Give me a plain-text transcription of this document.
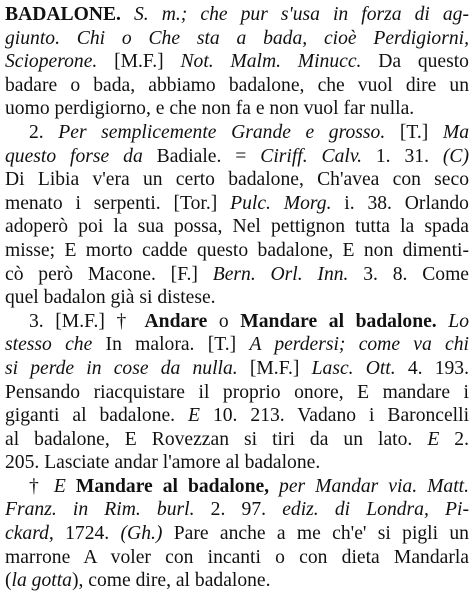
BADALONE. S. m.; che pur s'usa in forza di ag-
giunto. Chi o Che sta a bada, cioè Perdigiorni,
Scioperone. [M.F.] Not. Malm. Minucc. Da questo
badare o bada, abbiamo badalone, che vuol dire un
uomo perdigiorno, e che non fa e non vuol far nulla.
2. Per semplicemente Grande e grosso. [T.] Ma
questo forse da Badiale. = Ciriff. Calv. 1. 31. (C)
Di Libia v'era un certo badalone, Ch'avea con seco
menato i serpenti. [Tor.] Pulc. Morg. i. 38. Orlando
adoperò poi la sua possa, Nel pettignon tutta la spada
misse; E morto cadde questo badalone, E non dimenti-
cò però Macone. [F.] Bern. Orl. Inn. 3. 8. Come
quel badalon già si distese.
3. [M.F.] † Andare o Mandare al badalone. Lo
stesso che In malora. [T.] A perdersi; come va chi
si perde in cose da nulla. [M.F.] Lasc. Ott. 4. 193.
Pensando riacquistare il proprio onore, E mandare i
giganti al badalone. E 10. 213. Vadano i Baroncelli
al badalone, E Rovezzan si tiri da un lato. E 2.
205. Lasciate andar l'amore al badalone.
† E Mandare al badalone, per Mandar via. Matt.
Franz. in Rim. burl. 2. 97. ediz. di Londra, Pi-
ckard, 1724. (Gh.) Pare anche a me ch'e' si pigli un
marrone A voler con incanti o con dieta Mandarla
(la gotta), come dire, al badalone.
